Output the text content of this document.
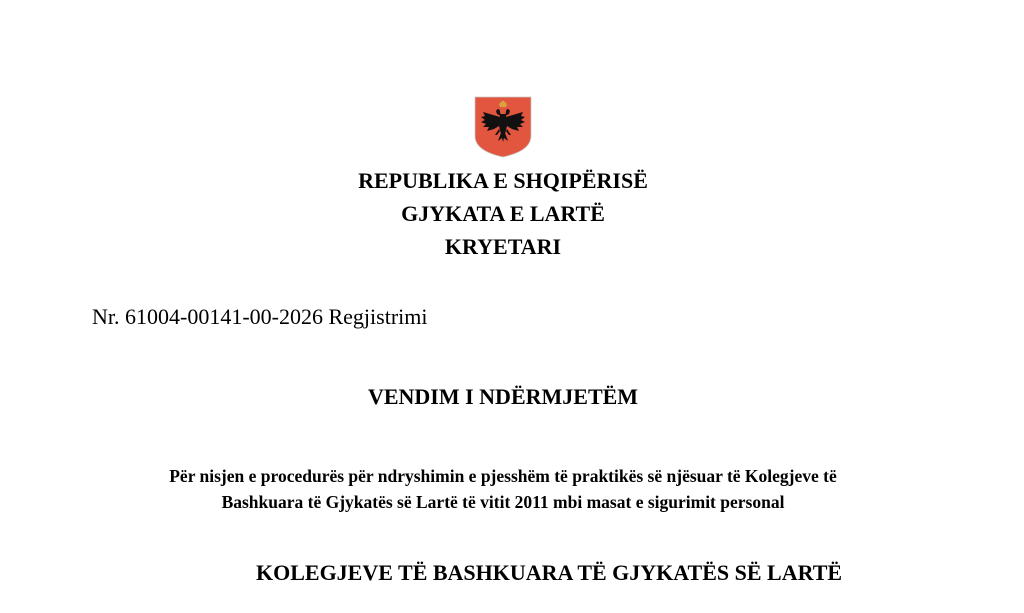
REPUBLIKA E SHQIPËRISË
GJYKATA E LARTË
KRYETARI
Nr. 61004-00141-00-2026 Regjistrimi
VENDIM I NDËRMJETËM
Për nisjen e procedurës për ndryshimin e pjesshëm të praktikës së njësuar të Kolegjeve të
Bashkuara të Gjykatës së Lartë të vitit 2011 mbi masat e sigurimit personal
KOLEGJEVE TË BASHKUARA TË GJYKATËS SË LARTË
